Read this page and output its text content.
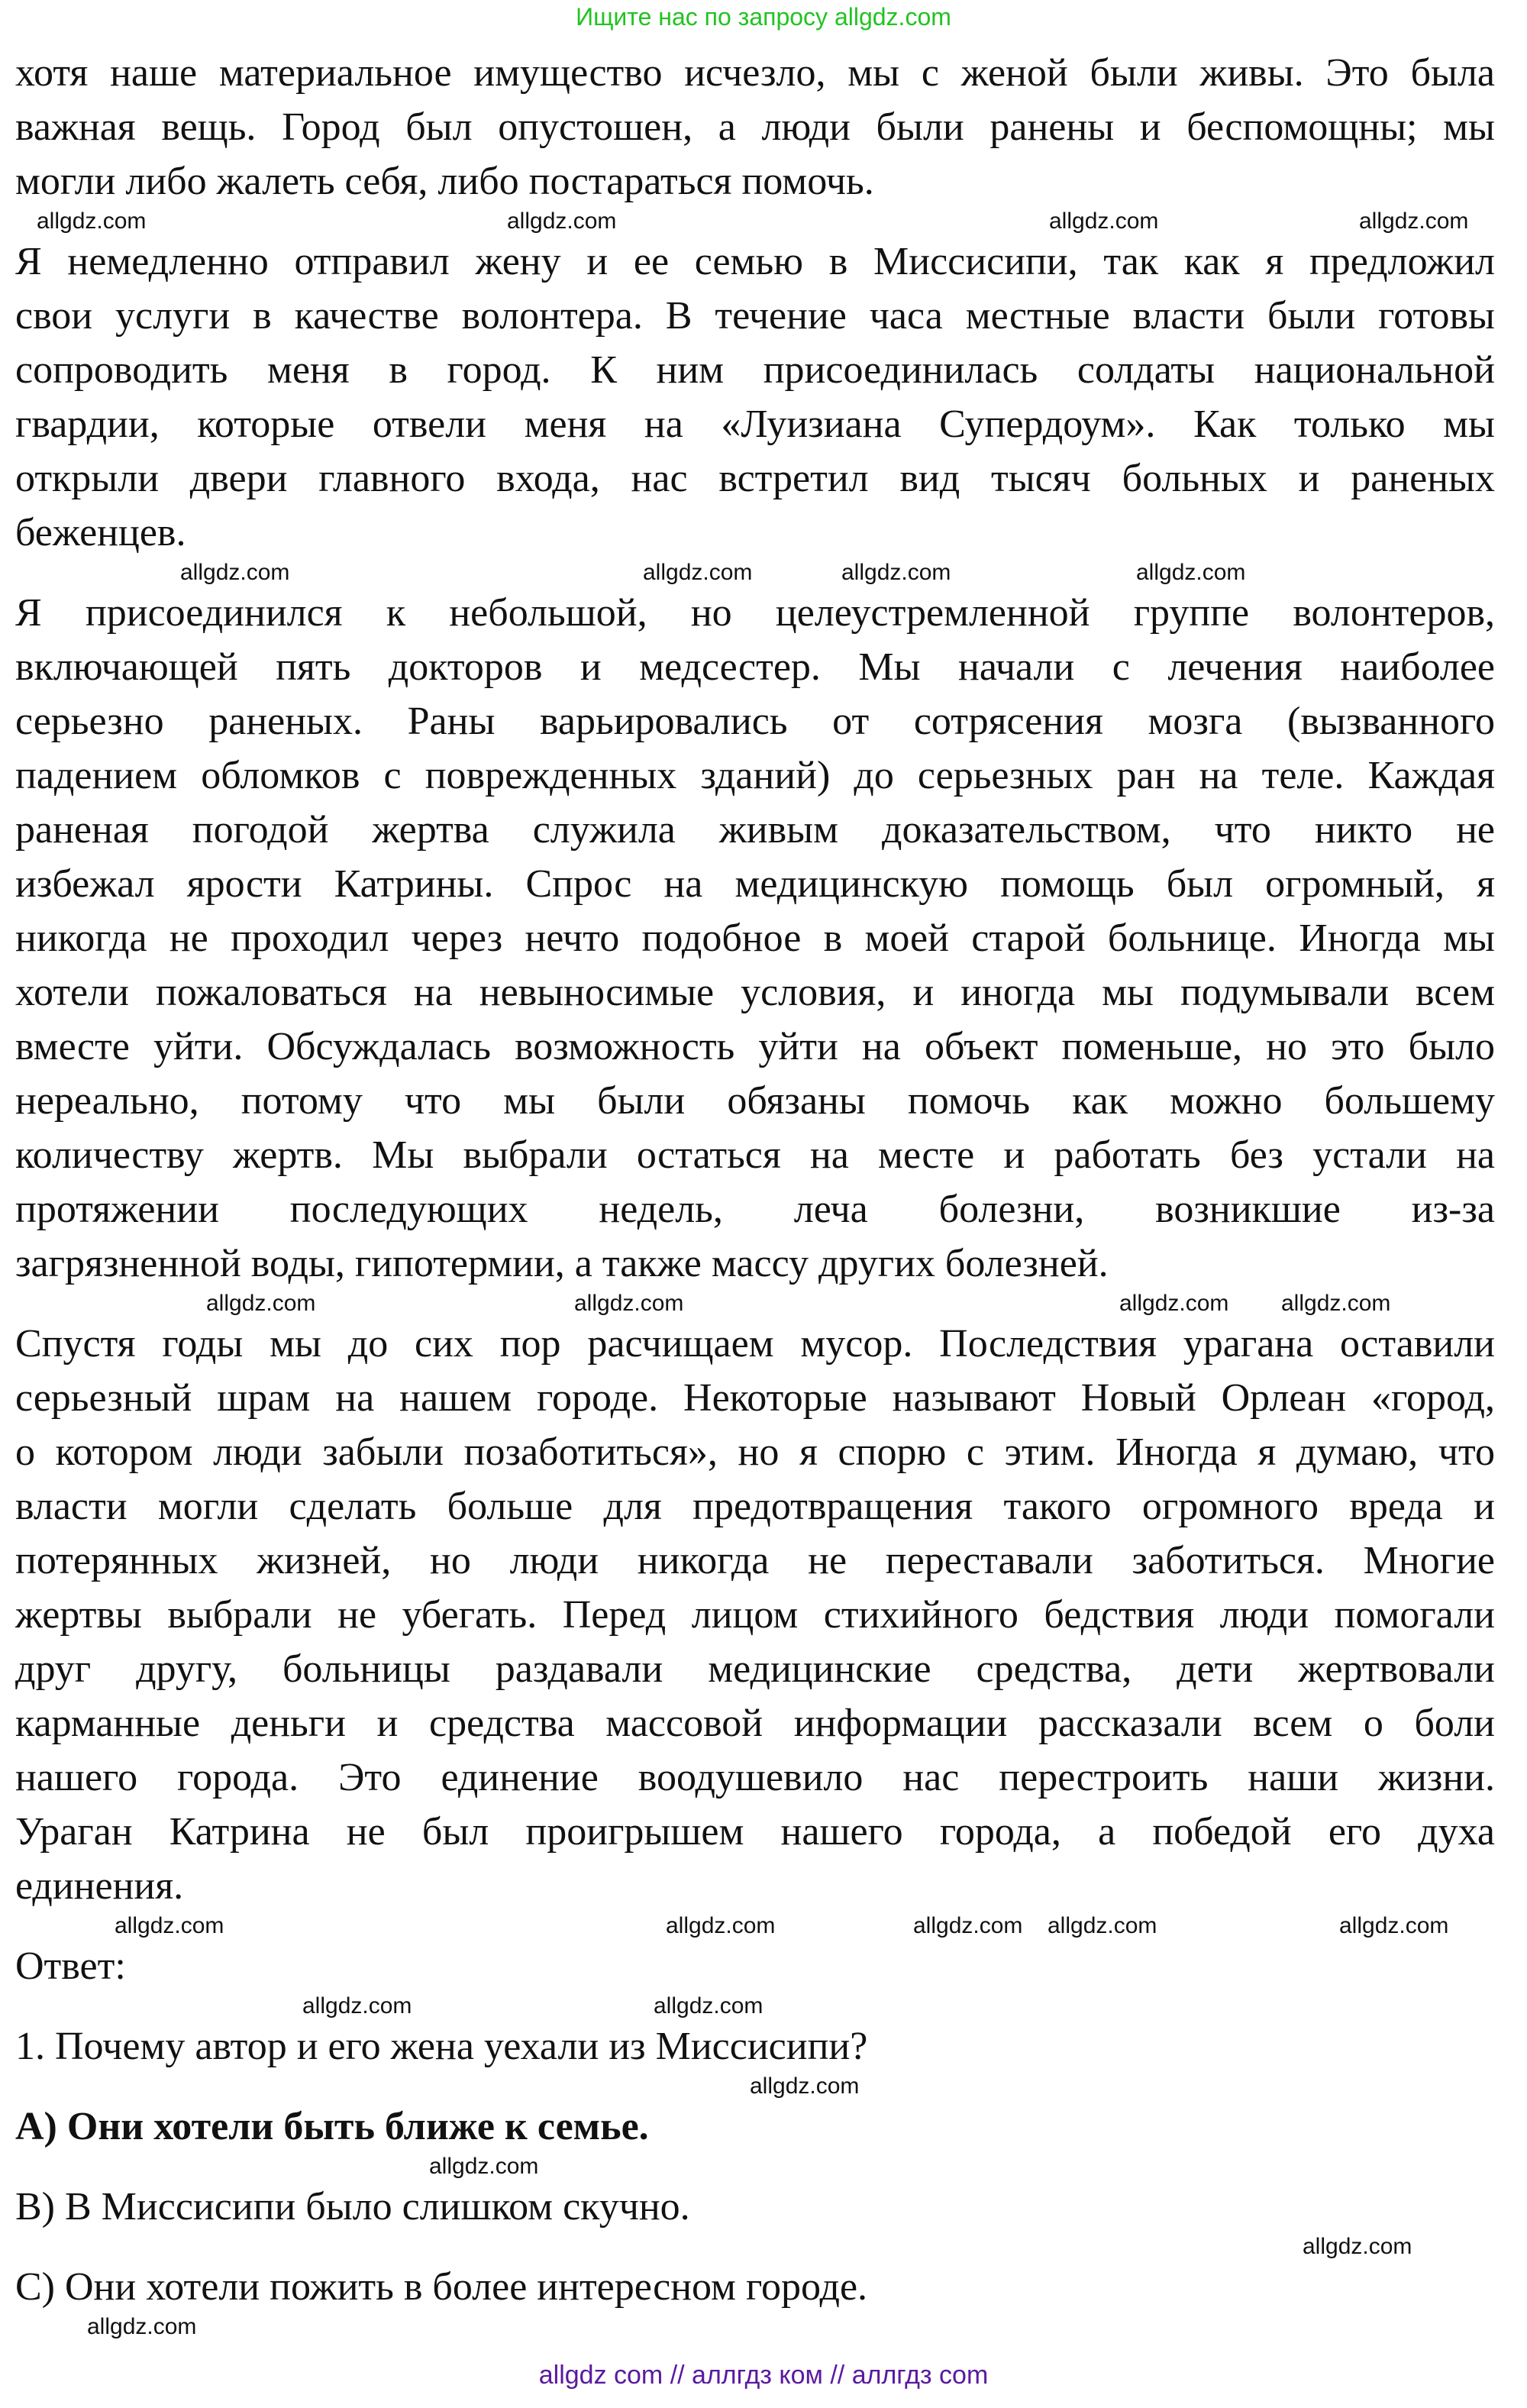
Ищите нас по запросу allgdz.com
хотя наше материальное имущество исчезло, мы с женой были живы. Это была
важная вещь. Город был опустошен, а люди были ранены и беспомощны; мы
могли либо жалеть себя, либо постараться помочь.
allgdz.com	allgdz.com	allgdz.com	allgdz.com
Я немедленно отправил жену и ее семью в Миссисипи, так как я предложил
свои услуги в качестве волонтера. В течение часа местные власти были готовы
сопроводить меня в город. К ним присоединилась солдаты национальной
гвардии, которые отвели меня на «Луизиана Супердоум». Как только мы
открыли двери главного входа, нас встретил вид тысяч больных и раненых
беженцев.
allgdz.com	allgdz.com	allgdz.com	allgdz.com
Я присоединился к небольшой, но целеустремленной группе волонтеров,
включающей пять докторов и медсестер. Мы начали с лечения наиболее
серьезно раненых. Раны варьировались от сотрясения мозга (вызванного
падением обломков с поврежденных зданий) до серьезных ран на теле. Каждая
раненая погодой жертва служила живым доказательством, что никто не
избежал ярости Катрины. Спрос на медицинскую помощь был огромный, я
никогда не проходил через нечто подобное в моей старой больнице. Иногда мы
хотели пожаловаться на невыносимые условия, и иногда мы подумывали всем
вместе уйти. Обсуждалась возможность уйти на объект поменьше, но это было
нереально, потому что мы были обязаны помочь как можно большему
количеству жертв. Мы выбрали остаться на месте и работать без устали на
протяжении последующих недель, леча болезни, возникшие из-за
загрязненной воды, гипотермии, а также массу других болезней.
allgdz.com	allgdz.com	allgdz.com allgdz.com
Спустя годы мы до сих пор расчищаем мусор. Последствия урагана оставили
серьезный шрам на нашем городе. Некоторые называют Новый Орлеан «город,
о котором люди забыли позаботиться», но я спорю с этим. Иногда я думаю, что
власти могли сделать больше для предотвращения такого огромного вреда и
потерянных жизней, но люди никогда не переставали заботиться. Многие
жертвы выбрали не убегать. Перед лицом стихийного бедствия люди помогали
друг другу, больницы раздавали медицинские средства, дети жертвовали
карманные деньги и средства массовой информации рассказали всем о боли
нашего города. Это единение воодушевило нас перестроить наши жизни.
Ураган Катрина не был проигрышем нашего города, а победой его духа
единения.
allgdz.com	allgdz.com	allgdz.com allgdz.com	allgdz.com
Ответ:
allgdz.com	allgdz.com
1. Почему автор и его жена уехали из Миссисипи?
allgdz.com
A) Они хотели быть ближе к семье.
allgdz.com
B) В Миссисипи было слишком скучно.
allgdz.com
C) Они хотели пожить в более интересном городе.
allgdz.com
allgdz com // аллгдз ком // аллгдз com
